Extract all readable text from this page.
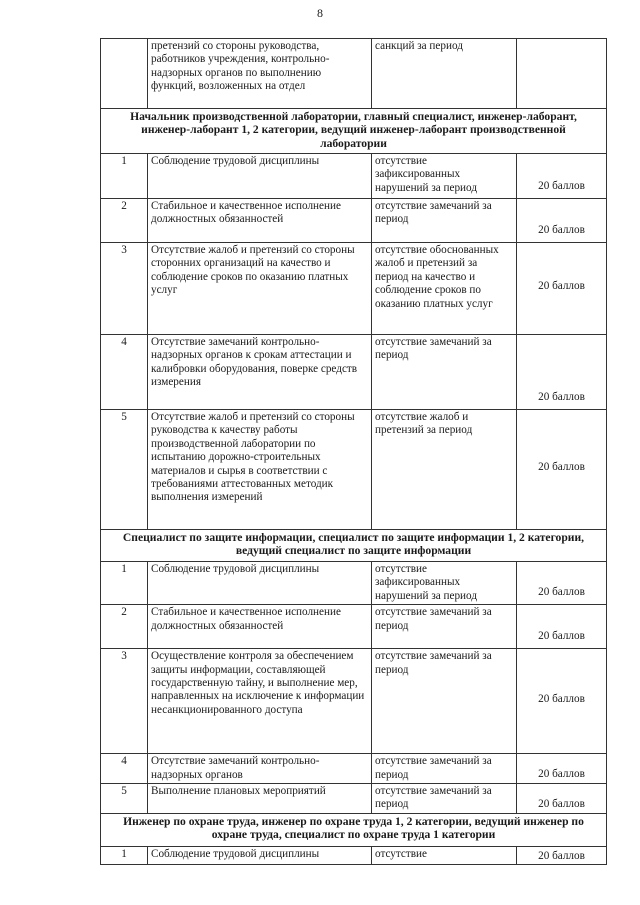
8
	претензий со стороны руководства, работников учреждения, контрольно-надзорных органов по выполнению функций, возложенных на отдел	санкций за период	
Начальник производственной лаборатории, главный специалист, инженер-лаборант, инженер-лаборант 1, 2 категории, ведущий инженер-лаборант производственной лаборатории			
1	Соблюдение трудовой дисциплины	отсутствие зафиксированных нарушений за период	20 баллов
2	Стабильное и качественное исполнение должностных обязанностей	отсутствие замечаний за период	20 баллов
3	Отсутствие жалоб и претензий со стороны сторонних организаций на качество и соблюдение сроков по оказанию платных услуг	отсутствие обоснованных жалоб и претензий за период на качество и соблюдение сроков по оказанию платных услуг	20 баллов
4	Отсутствие замечаний контрольно-надзорных органов к срокам аттестации и калибровки оборудования, поверке средств измерения	отсутствие замечаний за период	20 баллов
5	Отсутствие жалоб и претензий со стороны руководства к качеству работы производственной лаборатории по испытанию дорожно-строительных материалов и сырья в соответствии с требованиями аттестованных методик выполнения измерений	отсутствие жалоб и претензий за период	20 баллов
Специалист по защите информации, специалист по защите информации 1, 2 категории, ведущий специалист по защите информации			
1	Соблюдение трудовой дисциплины	отсутствие зафиксированных нарушений за период	20 баллов
2	Стабильное и качественное исполнение должностных обязанностей	отсутствие замечаний за период	20 баллов
3	Осуществление контроля за обеспечением защиты информации, составляющей государственную тайну, и выполнение мер, направленных на исключение к информации несанкционированного доступа	отсутствие замечаний за период	20 баллов
4	Отсутствие замечаний контрольно-надзорных органов	отсутствие замечаний за период	20 баллов
5	Выполнение плановых мероприятий	отсутствие замечаний за период	20 баллов
Инженер по охране труда, инженер по охране труда 1, 2 категории, ведущий инженер по охране труда, специалист по охране труда 1 категории			
1	Соблюдение трудовой дисциплины	отсутствие	20 баллов
